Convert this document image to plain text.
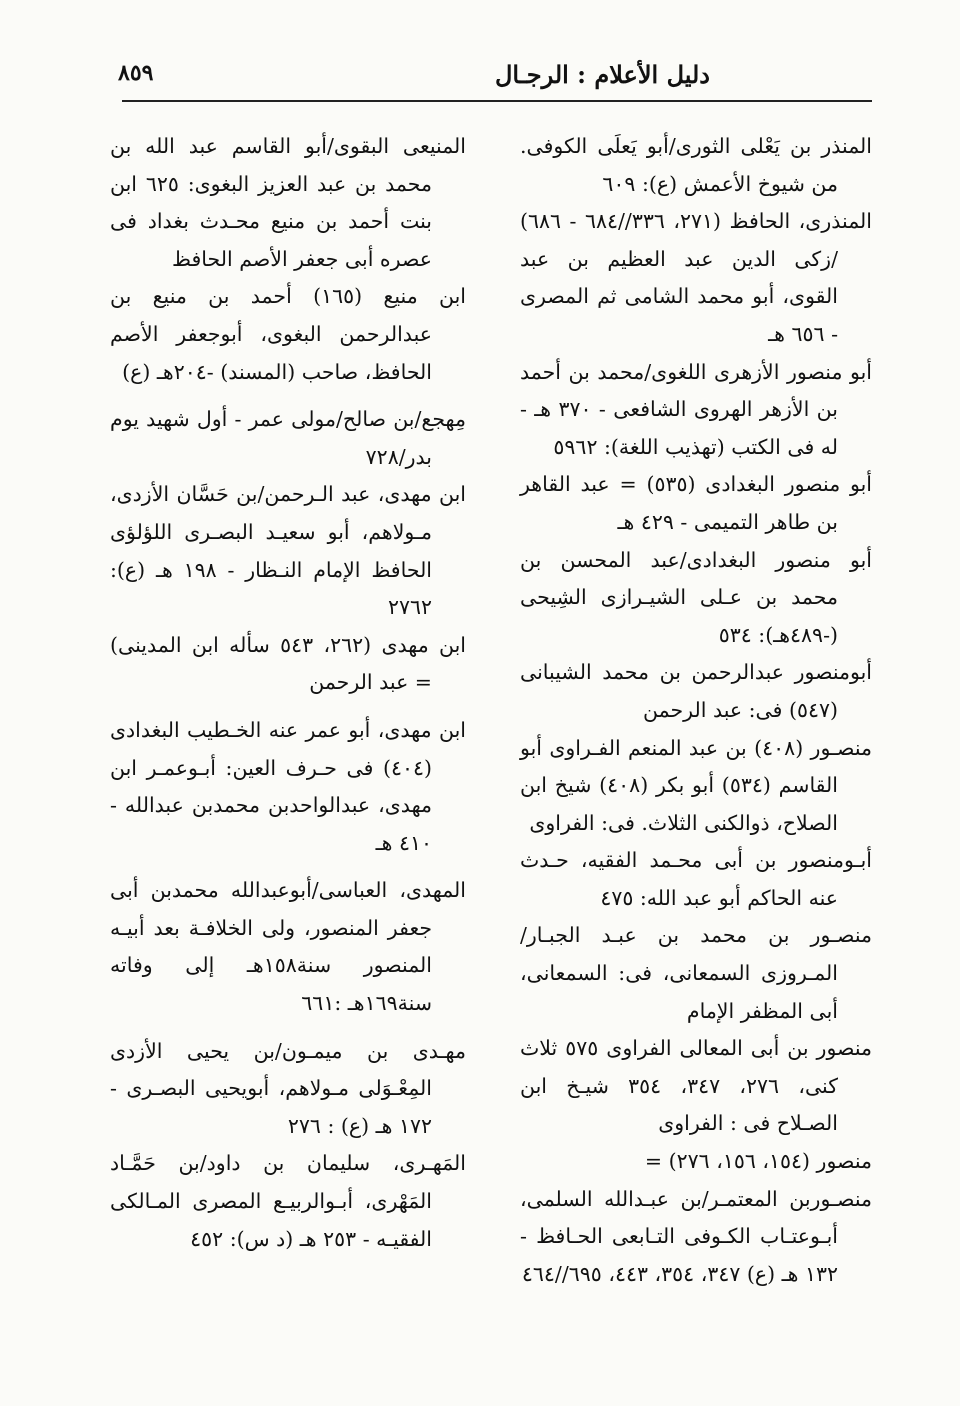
دليل الأعلام : الرجـال
٨٥٩

المنذر بن يَعْلى الثورى/أبو يَعلَى الكوفى. من شيوخ الأعمش (ع): ٦٠٩

المنذرى، الحافظ (٢٧١، ٣٣٦//٦٨٤ - ٦٨٦) /زكى الدين عبد العظيم بن عبد القوى، أبو محمد الشامى ثم المصرى - ٦٥٦ هـ

أبو منصور الأزهرى اللغوى/محمد بن أحمد بن الأزهر الهروى الشافعى - ٣٧٠ هـ - له فى الكتب (تهذيب اللغة): ٥٩٦٢

أبو منصور البغدادى (٥٣٥) = عبد القاهر بن طاهر التميمى - ٤٢٩ هـ

أبو منصور البغدادى/عبد المحسن بن محمد بن عـلى الشيـرازى الشِيحى (-٤٨٩هـ): ٥٣٤

أبومنصور عبدالرحمن بن محمد الشيبانى (٥٤٧) فى: عبد الرحمن

منصـور (٤٠٨) بن عبد المنعم الفـراوى أبو القاسم (٥٣٤) أبو بكر (٤٠٨) شيخ ابن الصلاح، ذوالكنى الثلاث. فى: الفراوى

أبـومنصور بن أبى محـمد الفقيه، حـدث عنه الحاكم أبو عبد الله: ٤٧٥

منصـور بن محمد بن عبـد الجبـار/المـروزى السمعانى، فى: السمعانى، أبى المظفر الإمام

منصور بن أبى المعالى الفراوى ٥٧٥ ثلاث كنى، ٢٧٦، ٣٤٧، ٣٥٤ شيـخ ابن الصـلاح فى : الفراوى

منصور (١٥٤، ١٥٦، ٢٧٦) =

منصـوربن المعتمـر/بن عبـدالله السلمى، أبـوعتـاب الكـوفى التـابعى الحـافظ - ١٣٢ هـ (ع) ٣٤٧، ٣٥٤، ٤٤٣، ٦٩٥//٤٦٤

المنيعى البقوى/أبو القاسم عبد الله بن محمد بن عبد العزيز البغوى: ٦٢٥ ابن بنت أحمد بن منيع محـدث بغداد فى عصره أبى جعفر الأصم الحافظ

ابن منيع (١٦٥) أحمد بن منيع بن عبدالرحمن البغوى، أبوجعفر الأصم الحافظ، صاحب (المسند) -٢٠٤هـ (ع)

مِهجع/بن صالح/مولى عمر - أول شهيد يوم بدر/٧٢٨

ابن مهدى، عبد الـرحمن/بن حَسَّان الأزدى، مـولاهم، أبو سعيـد البصـرى اللؤلؤى الحافظ الإمام النـظار - ١٩٨ هـ (ع): ٢٧٦٢

ابن مهدى (٢٦٢، ٥٤٣ سأله ابن المدينى) = عبد الرحمن

ابن مهدى، أبو عمر عنه الخـطيب البغدادى (٤٠٤) فى حـرف العين: أبـوعمـر ابن مهدى، عبدالواحدبن محمدبن عبدالله - ٤١٠ هـ

المهدى، العباسى/أبوعبدالله محمدبن أبى جعفر المنصور، ولى الخلافـة بعد أبيـه المنصور سنة١٥٨هـ إلى وفاته سنة١٦٩هـ :٦٦١

مهـدى بن ميمـون/بن يحيى الأزدى المِعْـوَلى مـولاهم، أبويحيى البصـرى - ١٧٢ هـ (ع) : ٢٧٦

المَهـرى، سليمان بن داود/بن حَمَّـاد المَهْرى، أبـوالربيـع المصرى المـالكى الفقيـه - ٢٥٣ هـ (د س): ٤٥٢
